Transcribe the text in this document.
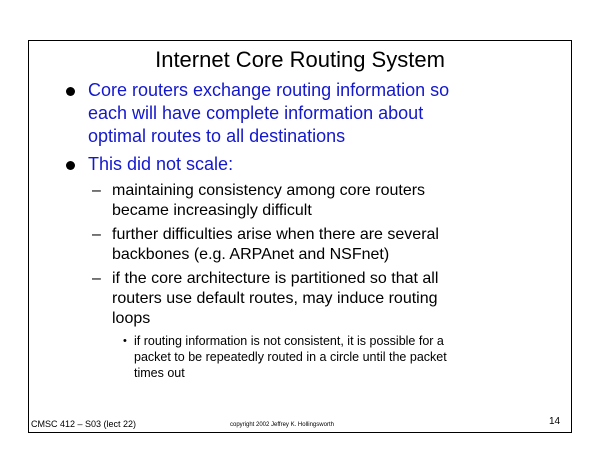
Internet Core Routing System
Core routers exchange routing information so
each will have complete information about
optimal routes to all destinations
This did not scale:
– maintaining consistency among core routers
became increasingly difficult
– further difficulties arise when there are several
backbones (e.g. ARPAnet and NSFnet)
– if the core architecture is partitioned so that all
routers use default routes, may induce routing
loops
• if routing information is not consistent, it is possible for a
packet to be repeatedly routed in a circle until the packet
times out
CMSC 412 – S03 (lect 22)	copyright 2002 Jeffrey K. Hollingsworth	14
